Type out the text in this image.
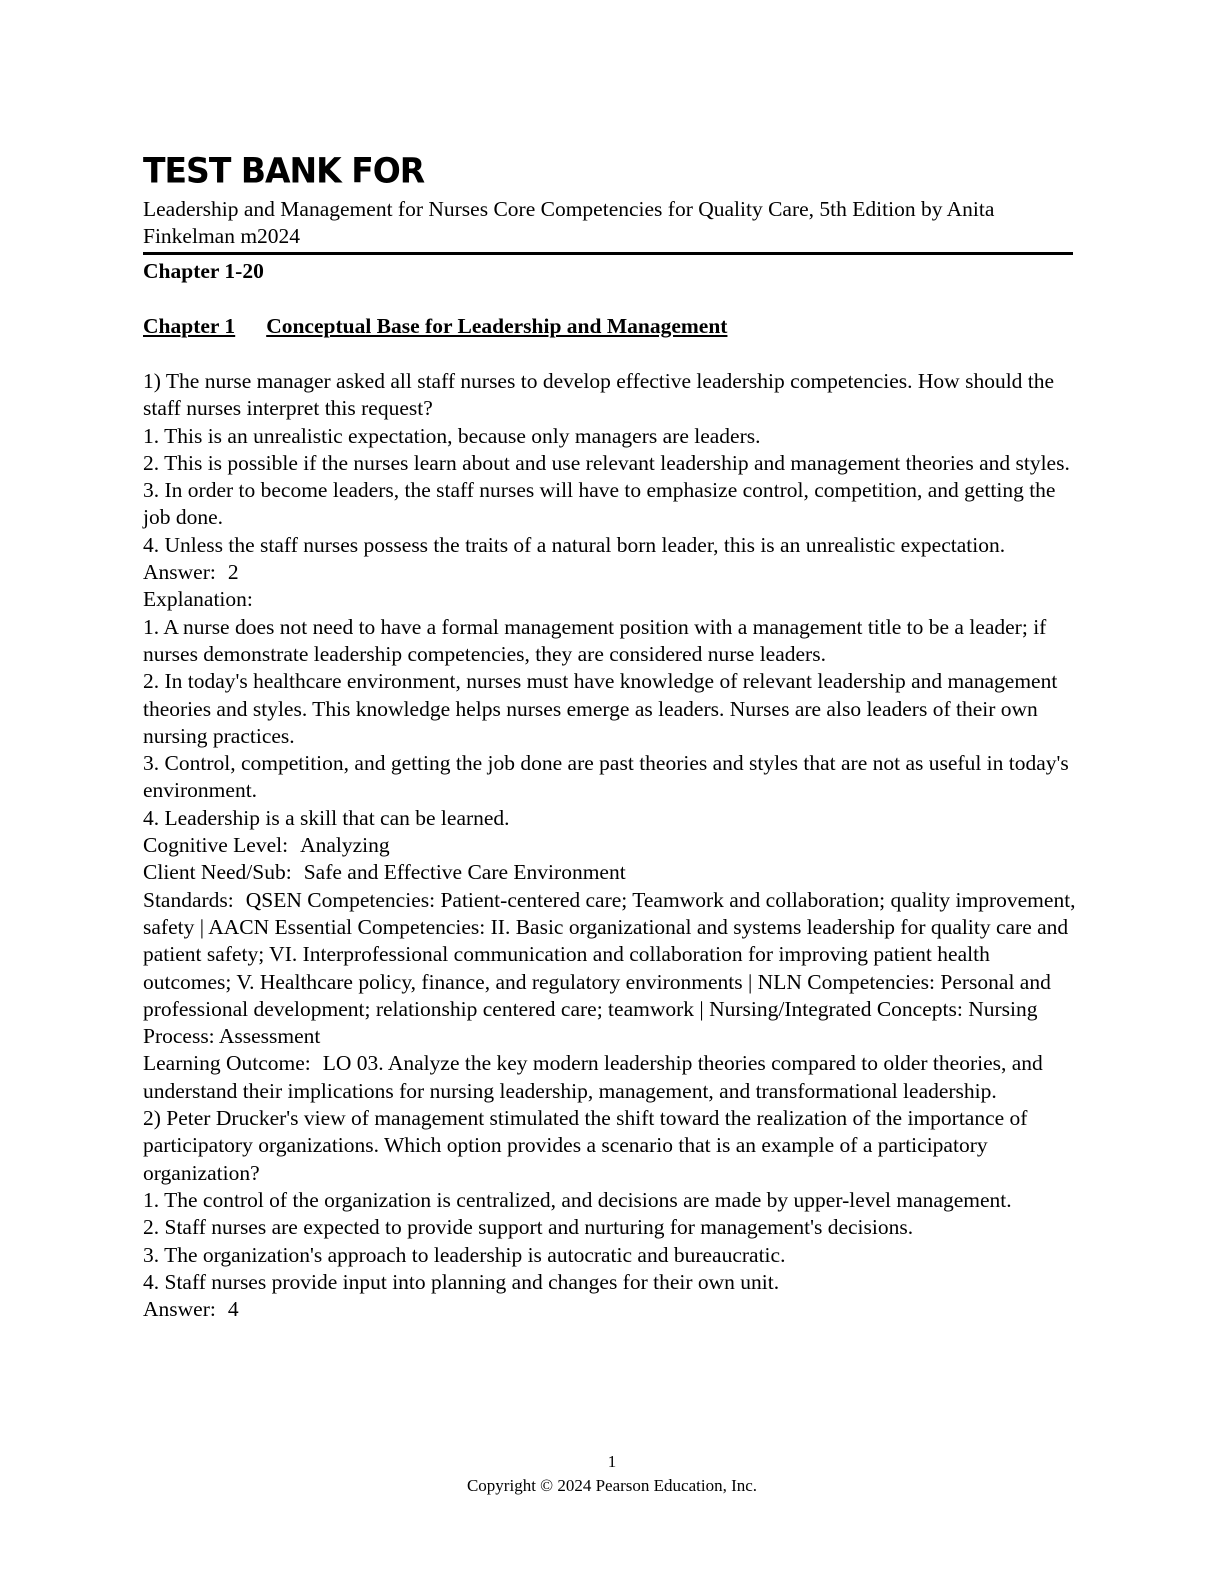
TEST BANK FOR

Leadership and Management for Nurses Core Competencies for Quality Care, 5th Edition by Anita Finkelman m2024

Chapter 1-20

Chapter 1 Conceptual Base for Leadership and Management

1) The nurse manager asked all staff nurses to develop effective leadership competencies. How should the staff nurses interpret this request?

1. This is an unrealistic expectation, because only managers are leaders.

2. This is possible if the nurses learn about and use relevant leadership and management theories and styles.

3. In order to become leaders, the staff nurses will have to emphasize control, competition, and getting the job done.

4. Unless the staff nurses possess the traits of a natural born leader, this is an unrealistic expectation.

Answer: 2

Explanation:

1. A nurse does not need to have a formal management position with a management title to be a leader; if nurses demonstrate leadership competencies, they are considered nurse leaders.

2. In today's healthcare environment, nurses must have knowledge of relevant leadership and management theories and styles. This knowledge helps nurses emerge as leaders. Nurses are also leaders of their own nursing practices.

3. Control, competition, and getting the job done are past theories and styles that are not as useful in today's environment.

4. Leadership is a skill that can be learned.

Cognitive Level: Analyzing

Client Need/Sub: Safe and Effective Care Environment

Standards: QSEN Competencies: Patient-centered care; Teamwork and collaboration; quality improvement, safety | AACN Essential Competencies: II. Basic organizational and systems leadership for quality care and patient safety; VI. Interprofessional communication and collaboration for improving patient health outcomes; V. Healthcare policy, finance, and regulatory environments | NLN Competencies: Personal and professional development; relationship centered care; teamwork | Nursing/Integrated Concepts: Nursing Process: Assessment

Learning Outcome: LO 03. Analyze the key modern leadership theories compared to older theories, and understand their implications for nursing leadership, management, and transformational leadership.

2) Peter Drucker's view of management stimulated the shift toward the realization of the importance of participatory organizations. Which option provides a scenario that is an example of a participatory organization?

1. The control of the organization is centralized, and decisions are made by upper-level management.

2. Staff nurses are expected to provide support and nurturing for management's decisions.

3. The organization's approach to leadership is autocratic and bureaucratic.

4. Staff nurses provide input into planning and changes for their own unit.

Answer: 4

1
Copyright © 2024 Pearson Education, Inc.
